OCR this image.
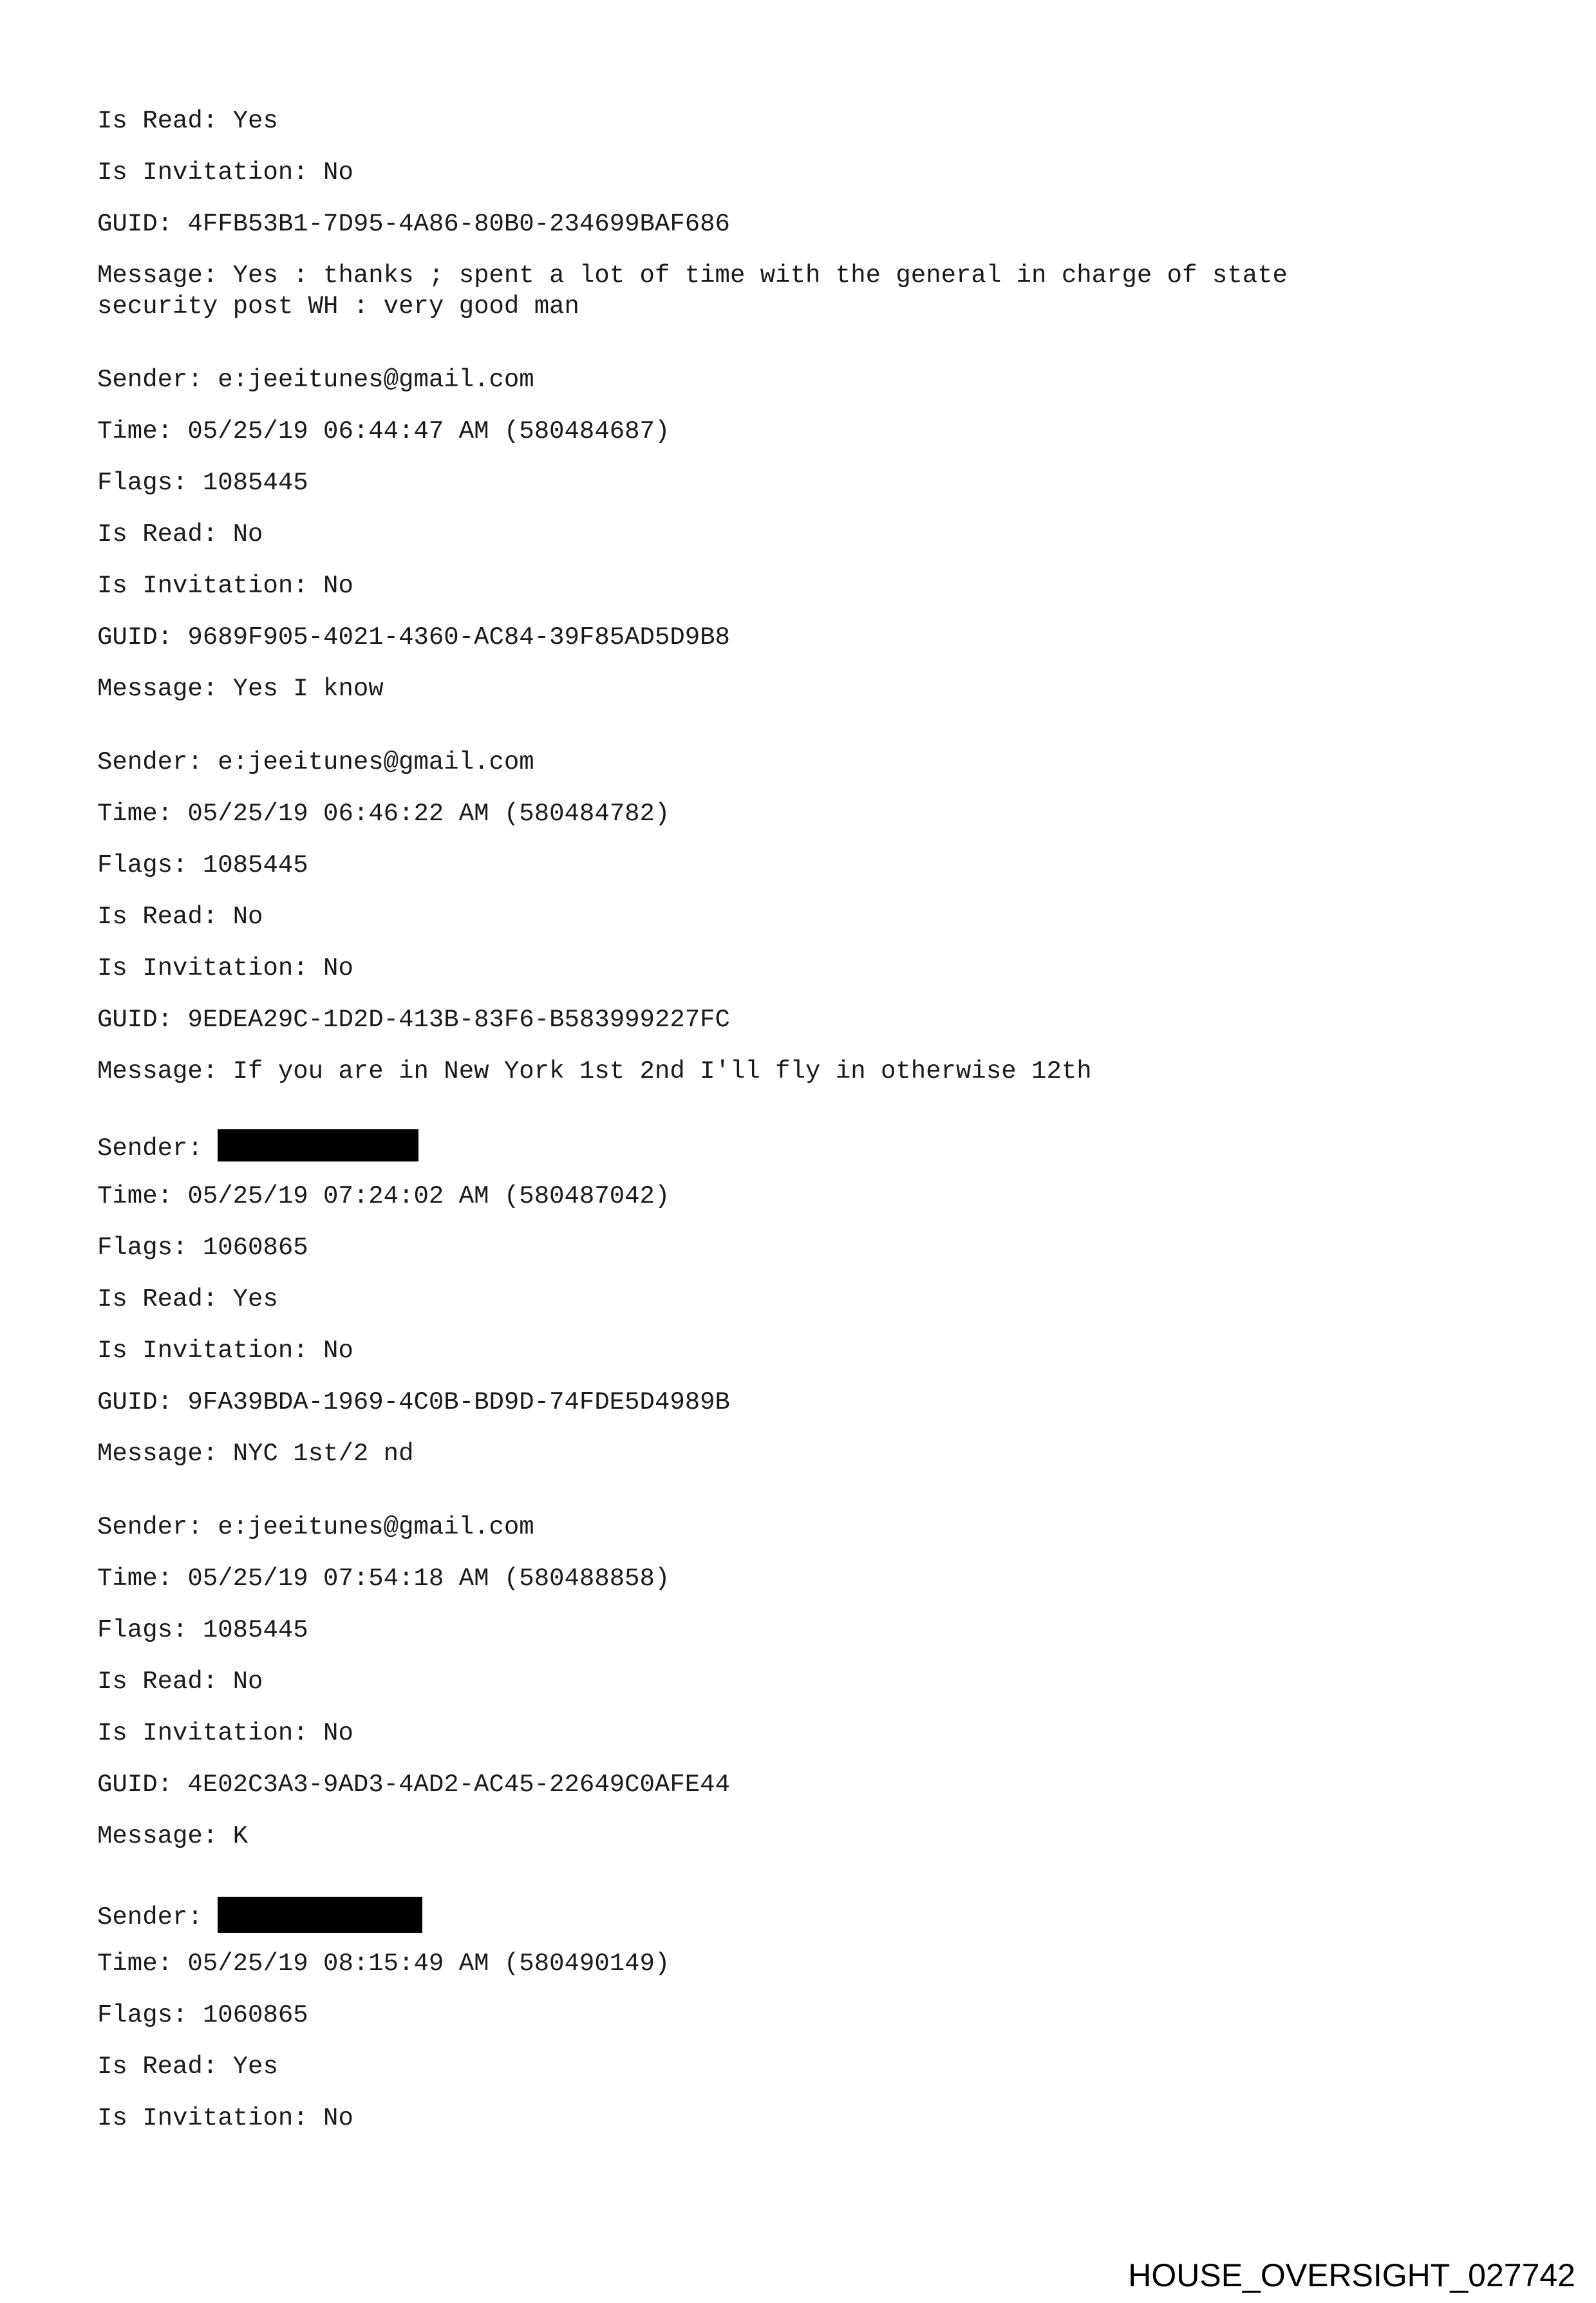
Is Read: Yes
Is Invitation: No
GUID: 4FFB53B1-7D95-4A86-80B0-234699BAF686
Message: Yes : thanks ; spent a lot of time with the general in charge of state
security post WH : very good man
Sender: e:jeeitunes@gmail.com
Time: 05/25/19 06:44:47 AM (580484687)
Flags: 1085445
Is Read: No
Is Invitation: No
GUID: 9689F905-4021-4360-AC84-39F85AD5D9B8
Message: Yes I know
Sender: e:jeeitunes@gmail.com
Time: 05/25/19 06:46:22 AM (580484782)
Flags: 1085445
Is Read: No
Is Invitation: No
GUID: 9EDEA29C-1D2D-413B-83F6-B583999227FC
Message: If you are in New York 1st 2nd I'll fly in otherwise 12th
Sender:
Time: 05/25/19 07:24:02 AM (580487042)
Flags: 1060865
Is Read: Yes
Is Invitation: No
GUID: 9FA39BDA-1969-4C0B-BD9D-74FDE5D4989B
Message: NYC 1st/2 nd
Sender: e:jeeitunes@gmail.com
Time: 05/25/19 07:54:18 AM (580488858)
Flags: 1085445
Is Read: No
Is Invitation: No
GUID: 4E02C3A3-9AD3-4AD2-AC45-22649C0AFE44
Message: K
Sender:
Time: 05/25/19 08:15:49 AM (580490149)
Flags: 1060865
Is Read: Yes
Is Invitation: No
HOUSE_OVERSIGHT_027742
